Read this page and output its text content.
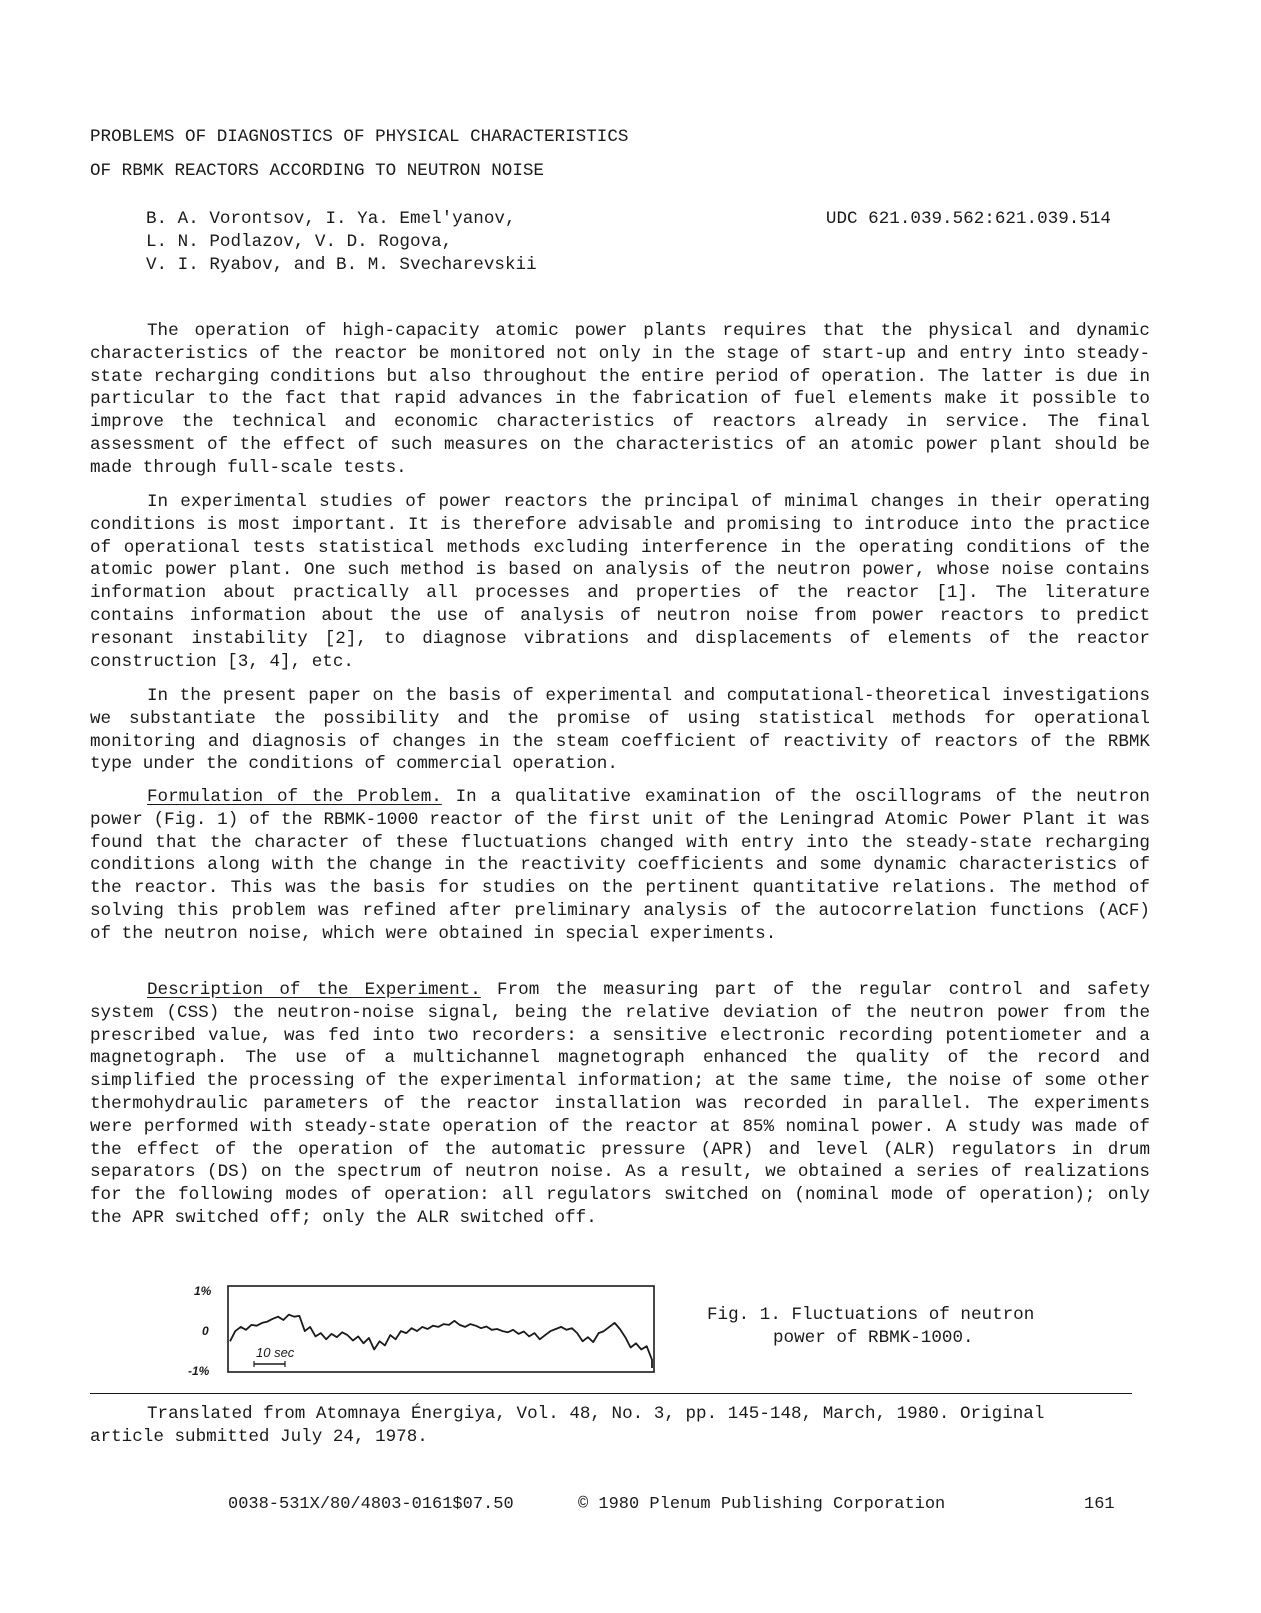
PROBLEMS OF DIAGNOSTICS OF PHYSICAL CHARACTERISTICS
OF RBMK REACTORS ACCORDING TO NEUTRON NOISE
B. A. Vorontsov, I. Ya. Emel'yanov,
L. N. Podlazov, V. D. Rogova,
V. I. Ryabov, and B. M. Svecharevskii
UDC 621.039.562:621.039.514

The operation of high-capacity atomic power plants requires that the physical and dynamic characteristics of the reactor be monitored not only in the stage of start-up and entry into steady-state recharging conditions but also throughout the entire period of operation. The latter is due in particular to the fact that rapid advances in the fabrication of fuel elements make it possible to improve the technical and economic characteristics of reactors already in service. The final assessment of the effect of such measures on the characteristics of an atomic power plant should be made through full-scale tests.

In experimental studies of power reactors the principal of minimal changes in their operating conditions is most important. It is therefore advisable and promising to introduce into the practice of operational tests statistical methods excluding interference in the operating conditions of the atomic power plant. One such method is based on analysis of the neutron power, whose noise contains information about practically all processes and properties of the reactor [1]. The literature contains information about the use of analysis of neutron noise from power reactors to predict resonant instability [2], to diagnose vibrations and displacements of elements of the reactor construction [3, 4], etc.

In the present paper on the basis of experimental and computational-theoretical investigations we substantiate the possibility and the promise of using statistical methods for operational monitoring and diagnosis of changes in the steam coefficient of reactivity of reactors of the RBMK type under the conditions of commercial operation.

Formulation of the Problem. In a qualitative examination of the oscillograms of the neutron power (Fig. 1) of the RBMK-1000 reactor of the first unit of the Leningrad Atomic Power Plant it was found that the character of these fluctuations changed with entry into the steady-state recharging conditions along with the change in the reactivity coefficients and some dynamic characteristics of the reactor. This was the basis for studies on the pertinent quantitative relations. The method of solving this problem was refined after preliminary analysis of the autocorrelation functions (ACF) of the neutron noise, which were obtained in special experiments.

Description of the Experiment. From the measuring part of the regular control and safety system (CSS) the neutron-noise signal, being the relative deviation of the neutron power from the prescribed value, was fed into two recorders: a sensitive electronic recording potentiometer and a magnetograph. The use of a multichannel magnetograph enhanced the quality of the record and simplified the processing of the experimental information; at the same time, the noise of some other thermohydraulic parameters of the reactor installation was recorded in parallel. The experiments were performed with steady-state operation of the reactor at 85% nominal power. A study was made of the effect of the operation of the automatic pressure (APR) and level (ALR) regulators in drum separators (DS) on the spectrum of neutron noise. As a result, we obtained a series of realizations for the following modes of operation: all regulators switched on (nominal mode of operation); only the APR switched off; only the ALR switched off.

1%
0
-1%
10 sec
Fig. 1. Fluctuations of neutron
power of RBMK-1000.
Translated from Atomnaya Énergiya, Vol. 48, No. 3, pp. 145-148, March, 1980. Original
article submitted July 24, 1978.
0038-531X/80/4803-0161$07.50	© 1980 Plenum Publishing Corporation	161
